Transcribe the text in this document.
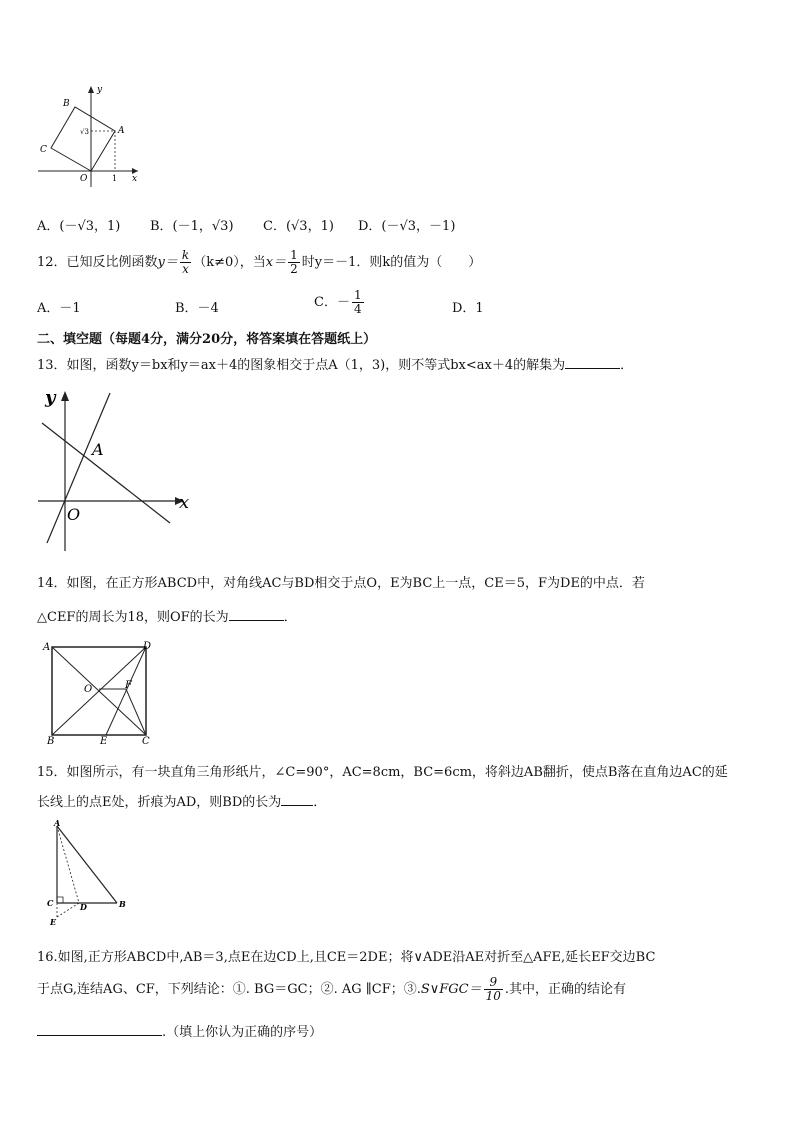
B
A
C
O
y
x
1
√3
A．(－√3，1) B．(－1，√3) C．(√3，1) D．(－√3，－1)
12．已知反比例函数$y= \frac{k}{x} (k\ne 0)$，当$x= \frac{1}{2}$ 时y＝－1．则k的值为（　　）
A．－1	B．－4	C．－ $\frac{1}{4}$	D．1
二、填空题（每题4分，满分20分，将答案填在答题纸上）
13．如图，函数y＝bx和y＝ax＋4的图象相交于点A（1，3)，则不等式bx<ax＋4的解集为	．
y
x
A
O
14．如图，在正方形ABCD中，对角线AC与BD相交于点O，E为BC上一点，CE＝5，F为DE的中点．若
△CEF的周长为18，则OF的长为	．
A	D
B	C
E
O	F
15．如图所示，有一块直角三角形纸片，∠C=90°，AC=8cm，BC=6cm，将斜边AB翻折，使点B落在直角边AC的延
长线上的点E处，折痕为AD，则BD的长为 ．
A
B
C	D
E
16.如图,正方形ABCD中,AB＝3,点E在边CD上,且CE＝2DE；将∨ADE沿AE对折至△AFE,延长EF交边BC
于点G,连结AG、CF，下列结论：①. BG＝GC；②. AG ∥CF；③.S∨FGC＝ $\frac{9}{10}$ .其中，正确的结论有
.（填上你认为正确的序号）
